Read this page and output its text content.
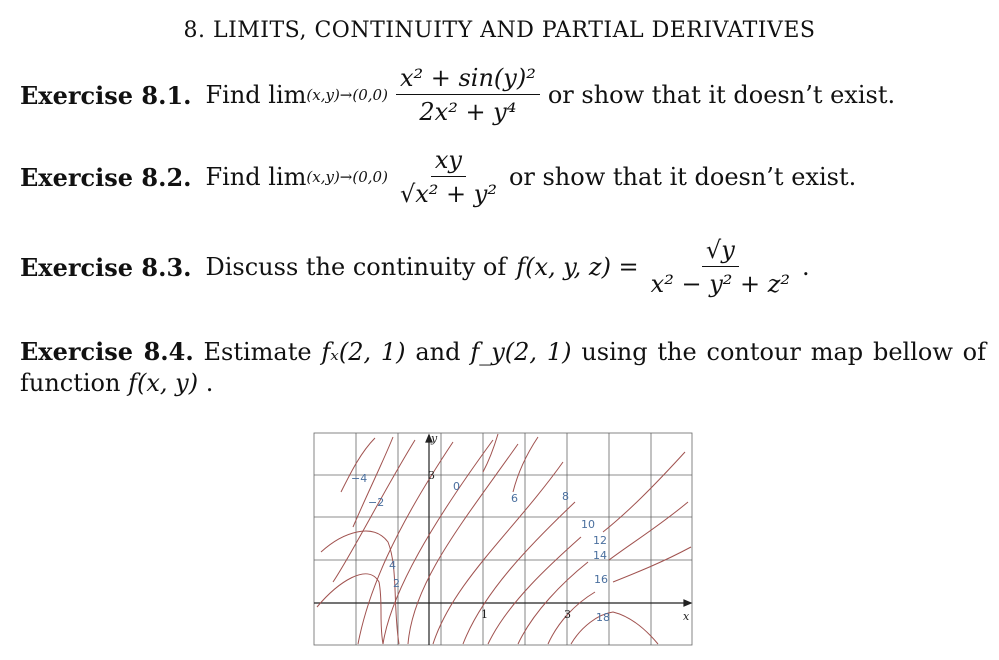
8. LIMITS, CONTINUITY AND PARTIAL DERIVATIVES
Exercise 8.1. Find $\lim (x,y)\to(0,0) \frac{\text{x² + sin(y)²}}{\text{2x² + y⁴}}$ or show that it doesn’t exist.
Exercise 8.2. Find $\lim (x,y)\to(0,0) \frac{xy}{\text{√x² + y²}}$ or show that it doesn’t exist.
Exercise 8.3. Discuss the continuity of f(x, y, $z) = \frac{√y}{\text{x² − y² + z²}}$ .
Exercise 8.4. Estimate fₓ(2, 1) and f_y(2, 1) using the contour map bellow of function f(x, y) .
−4
−2
0
6	8
10
12
14
16
18
4
2
y
x
1	3
3
